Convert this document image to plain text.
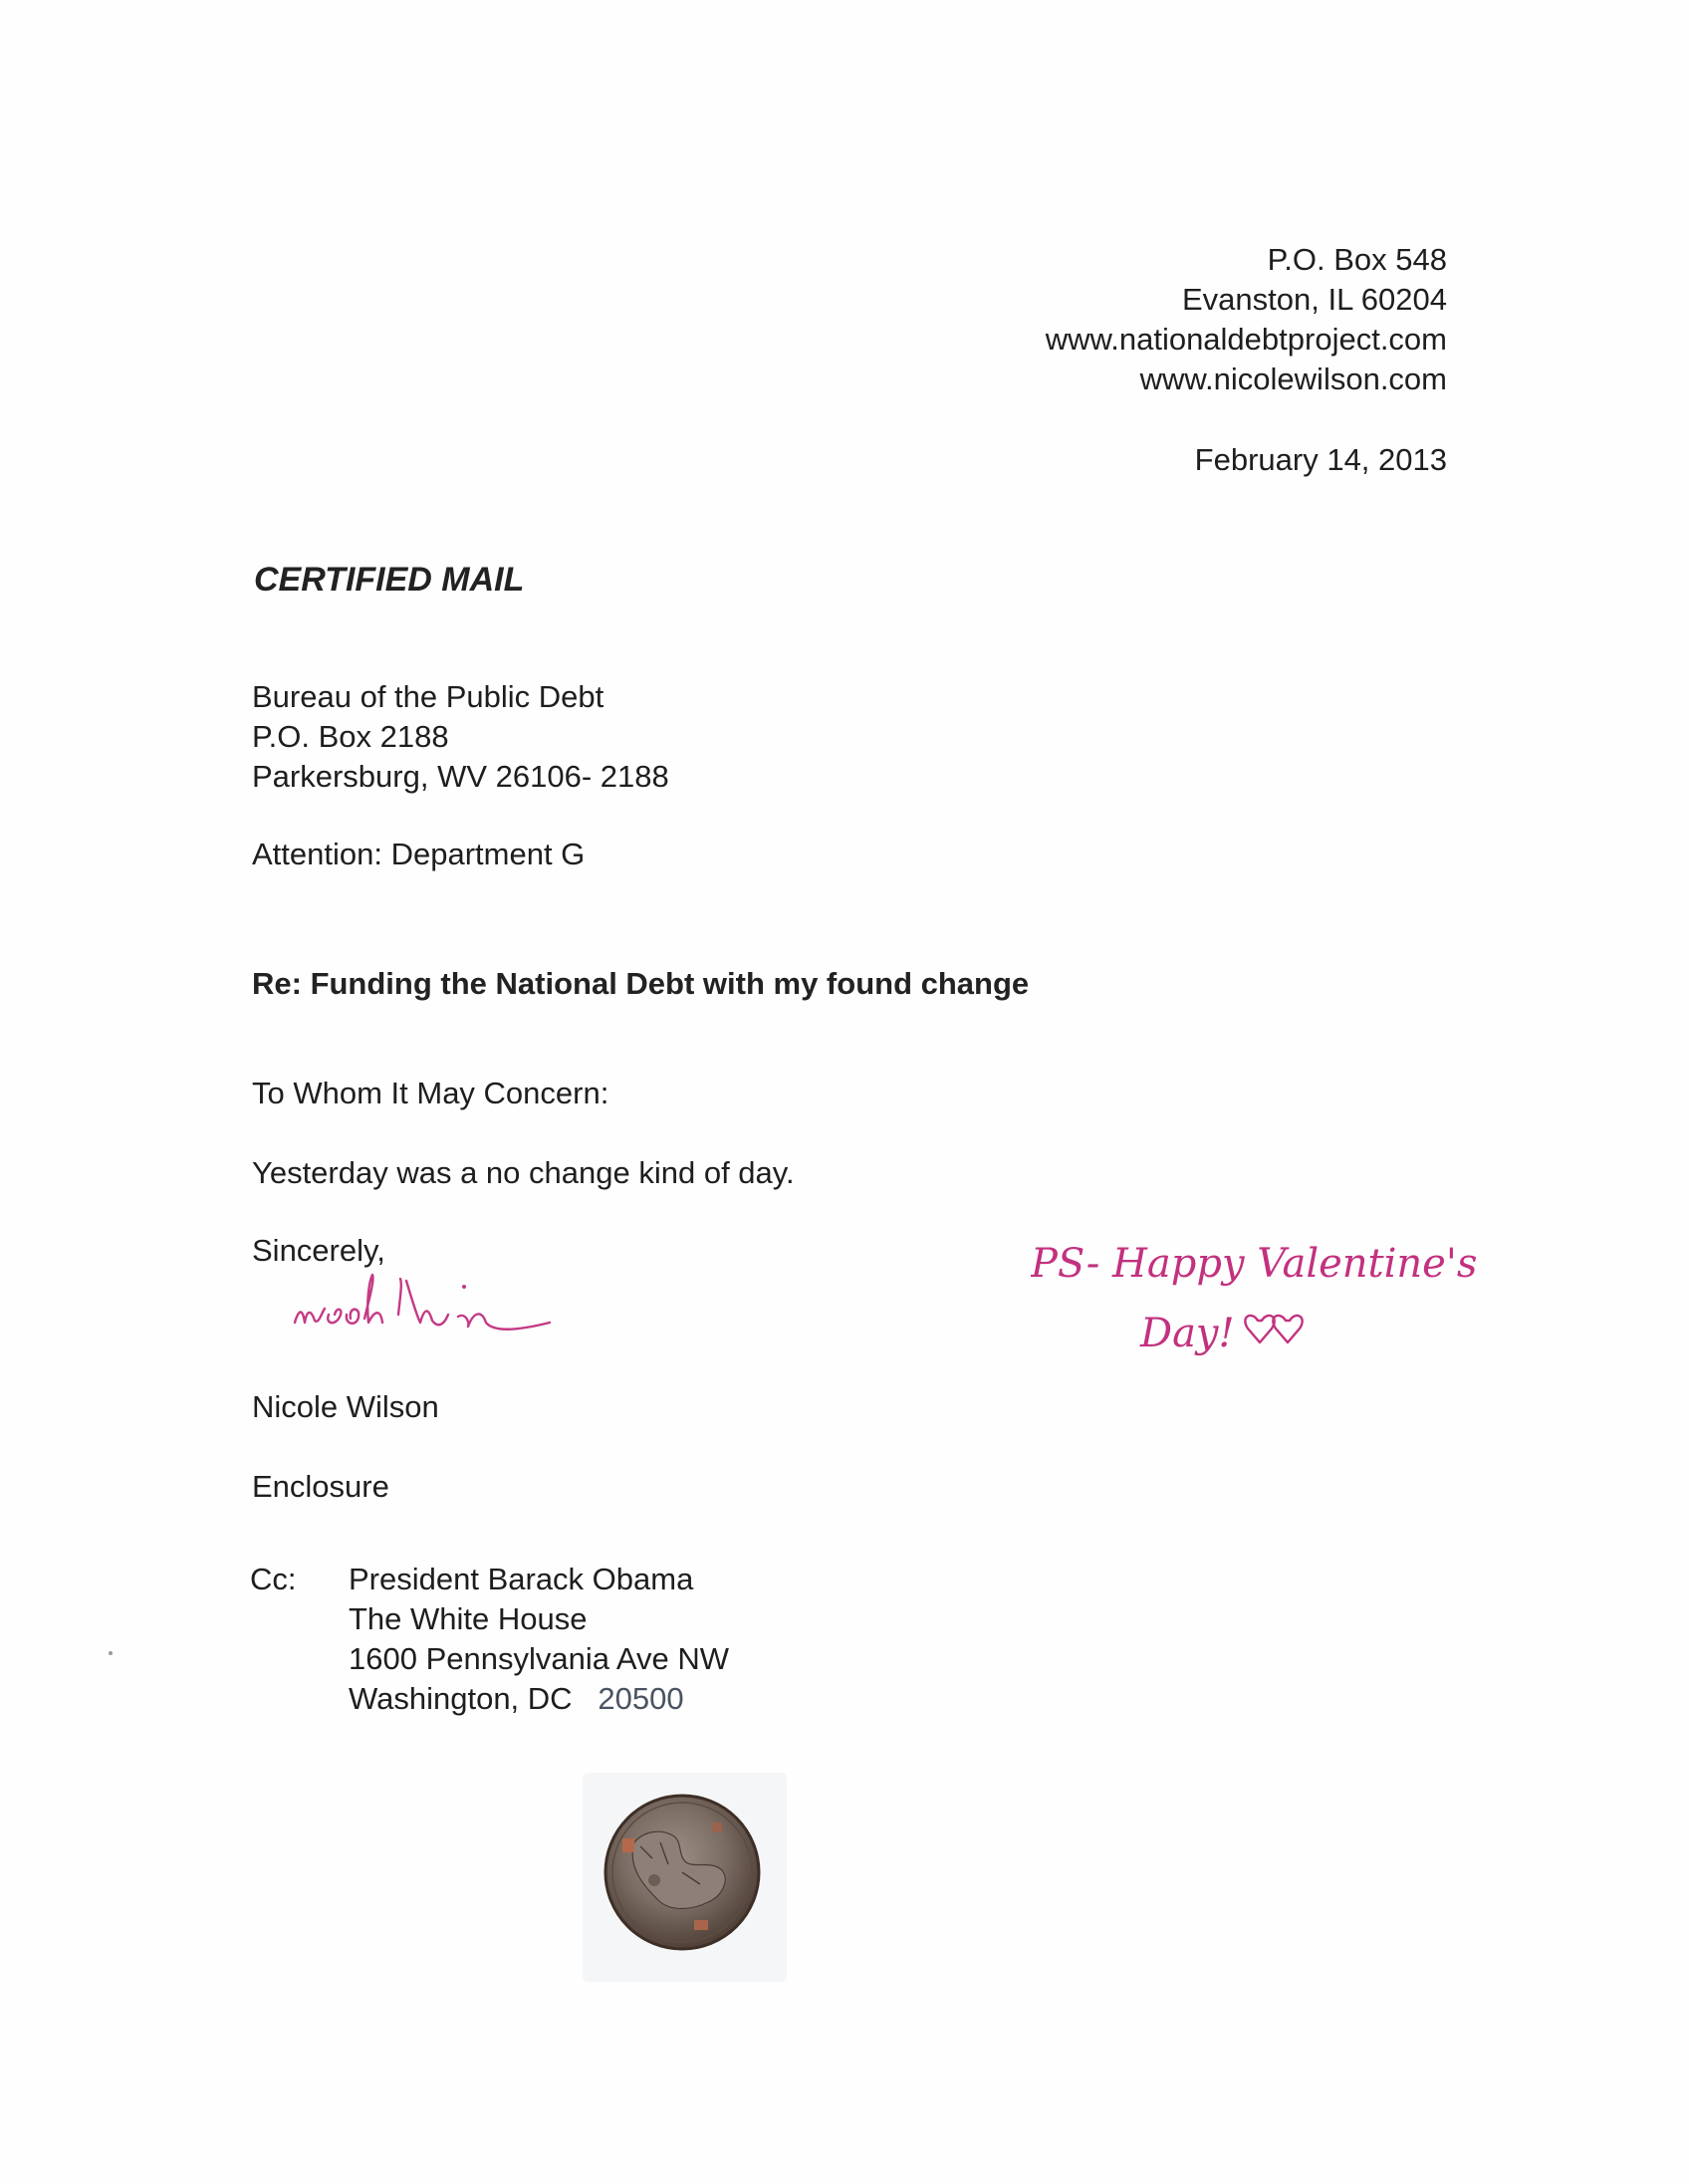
P.O. Box 548
Evanston, IL 60204
www.nationaldebtproject.com
www.nicolewilson.com
February 14, 2013
CERTIFIED MAIL
Bureau of the Public Debt
P.O. Box 2188
Parkersburg, WV 26106- 2188
Attention: Department G
Re: Funding the National Debt with my found change
To Whom It May Concern:
Yesterday was a no change kind of day.
Sincerely,
Nicole Wilson
Enclosure
Cc: President Barack Obama
The White House
1600 Pennsylvania Ave NW
Washington, DC 20500
PS- Happy Valentine's
Day!
